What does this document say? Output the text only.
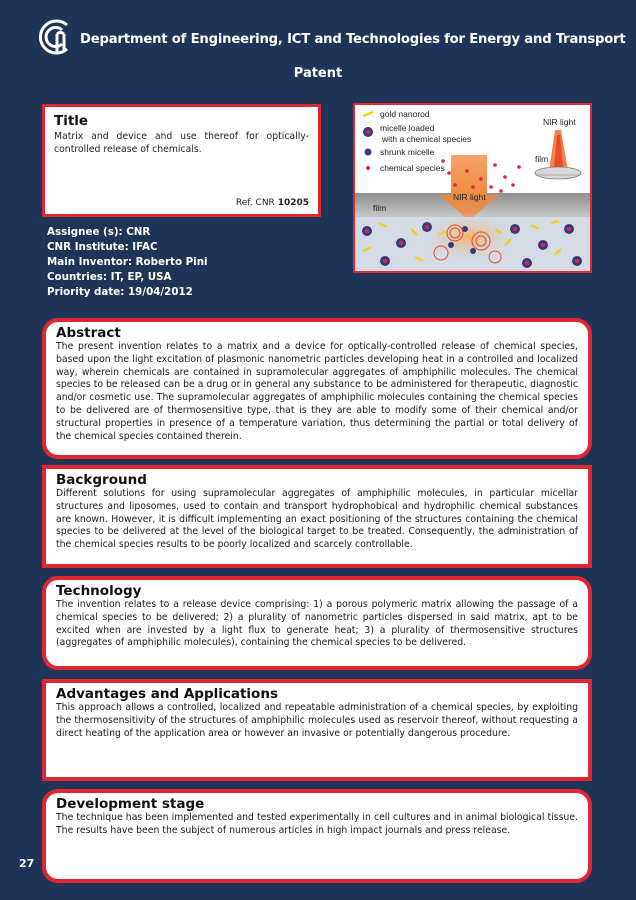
Department of Engineering, ICT and Technologies for Energy and Transport
Patent

Title

Matrix and device and use thereof for optically-controlled release of chemicals.
Ref. CNR 10205
gold nanorod
micelle loaded
with a chemical species
shrunk micelle
chemical species
NIR light
film
film
NIR light
Assignee (s): CNR
CNR Institute: IFAC
Main Inventor: Roberto Pini
Countries: IT, EP, USA
Priority date: 19/04/2012

Abstract

The present invention relates to a matrix and a device for optically-controlled release of chemical species, based upon the light excitation of plasmonic nanometric particles developing heat in a controlled and localized way, wherein chemicals are contained in supramolecular aggregates of amphiphilic molecules. The chemical species to be released can be a drug or in general any substance to be administered for therapeutic, diagnostic and/or cosmetic use. The supramolecular aggregates of amphiphilic molecules containing the chemical species to be delivered are of thermosensitive type, that is they are able to modify some of their chemical and/or structural properties in presence of a temperature variation, thus determining the partial or total delivery of the chemical species contained therein.

Background

Different solutions for using supramolecular aggregates of amphiphilic molecules, in particular micellar structures and liposomes, used to contain and transport hydrophobical and hydrophilic chemical substances are known. However, it is difficult implementing an exact positioning of the structures containing the chemical species to be delivered at the level of the biological target to be treated. Consequently, the administration of the chemical species results to be poorly localized and scarcely controllable.

Technology

The invention relates to a release device comprising: 1) a porous polymeric matrix allowing the passage of a chemical species to be delivered; 2) a plurality of nanometric particles dispersed in said matrix, apt to be excited when are invested by a light flux to generate heat; 3) a plurality of thermosensitive structures (aggregates of amphiphilic molecules), containing the chemical species to be delivered.

Advantages and Applications

This approach allows a controlled, localized and repeatable administration of a chemical species, by exploiting the thermosensitivity of the structures of amphiphilic molecules used as reservoir thereof, without requesting a direct heating of the application area or however an invasive or potentially dangerous procedure.

Development stage

The technique has been implemented and tested experimentally in cell cultures and in animal biological tissue. The results have been the subject of numerous articles in high impact journals and press release.

27
